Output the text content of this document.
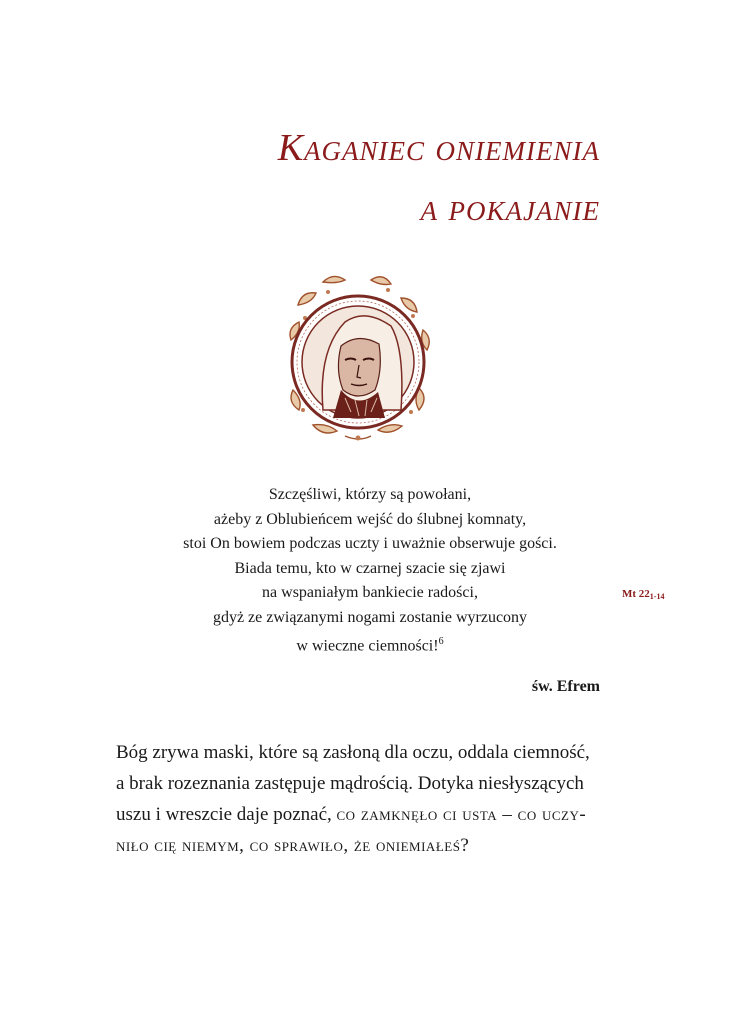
Kaganiec oniemienia
a pokajanie
Szczęśliwi, którzy są powołani,
ażeby z Oblubieńcem wejść do ślubnej komnaty,
stoi On bowiem podczas uczty i uważnie obserwuje gości.
Biada temu, kto w czarnej szacie się zjawi
na wspaniałym bankiecie radości,
gdyż ze związanymi nogami zostanie wyrzucony
w wieczne ciemności!$^6$
Mt $22_{1-14}$
św. Efrem
Bóg zrywa maski, które są zasłoną dla oczu, oddala ciemność,
a brak rozeznania zastępuje mądrością. Dotyka niesłyszących
uszu i wreszcie daje poznać, co zamknęło ci usta – co uczy-
niło cię niemym, co sprawiło, że oniemiałeś?
